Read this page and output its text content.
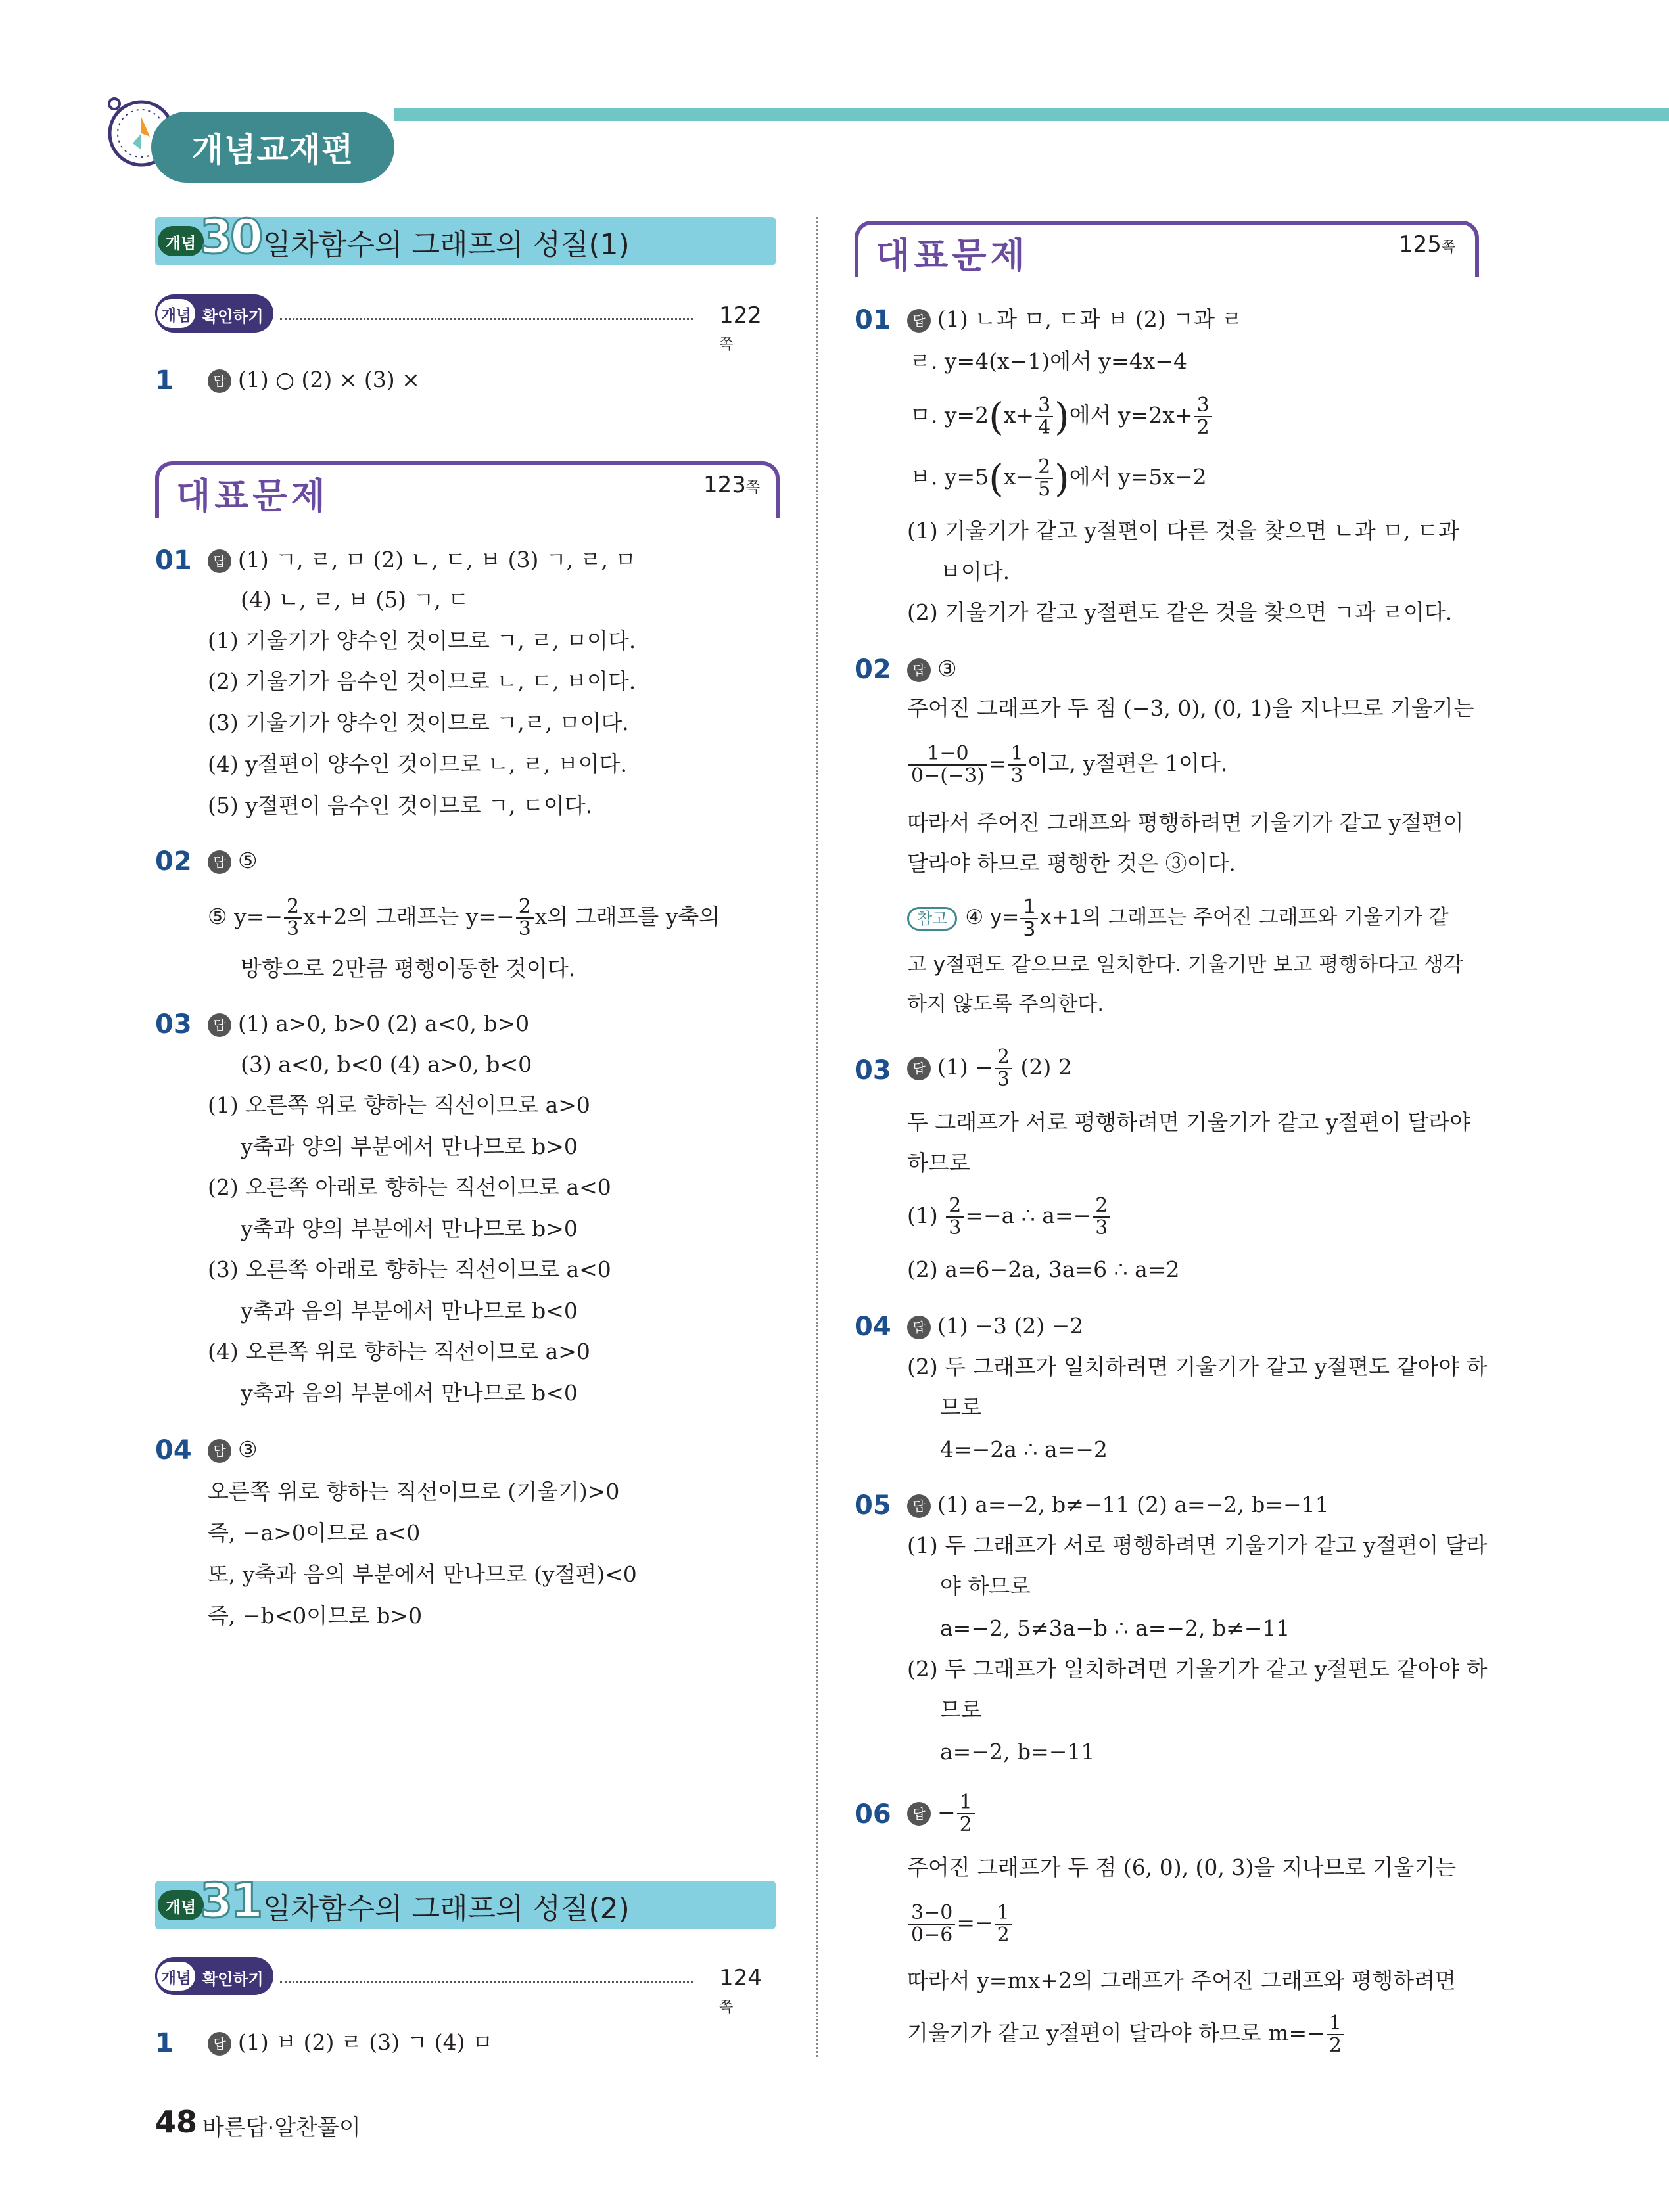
개념교재편
개념 30 일차함수의 그래프의 성질(1)
개념 확인하기	122쪽
1	답 (1) ○ (2) × (3) ×
대표문제	123쪽
01	답 (1) ㄱ, ㄹ, ㅁ (2) ㄴ, ㄷ, ㅂ (3) ㄱ, ㄹ, ㅁ
(4) ㄴ, ㄹ, ㅂ (5) ㄱ, ㄷ
(1) 기울기가 양수인 것이므로 ㄱ, ㄹ, ㅁ이다.
(2) 기울기가 음수인 것이므로 ㄴ, ㄷ, ㅂ이다.
(3) 기울기가 양수인 것이므로 ㄱ,ㄹ, ㅁ이다.
(4) y절편이 양수인 것이므로 ㄴ, ㄹ, ㅂ이다.
(5) y절편이 음수인 것이므로 ㄱ, ㄷ이다.
02	답 ⑤
⑤ $y=- \frac{2}{3} x+2$의 그래프는 $y=- \frac{2}{3}$ x의 그래프를 y축의
방향으로 2만큼 평행이동한 것이다.
03	답 (1) a>0, b>0 (2) a<0, b>0
(3) a<0, b<0 (4) a>0, b<0
(1) 오른쪽 위로 향하는 직선이므로 a>0
y축과 양의 부분에서 만나므로 b>0
(2) 오른쪽 아래로 향하는 직선이므로 a<0
y축과 양의 부분에서 만나므로 b>0
(3) 오른쪽 아래로 향하는 직선이므로 a<0
y축과 음의 부분에서 만나므로 b<0
(4) 오른쪽 위로 향하는 직선이므로 a>0
y축과 음의 부분에서 만나므로 b<0
04	답 ③
오른쪽 위로 향하는 직선이므로 (기울기)>0
즉, −a>0이므로 a<0
또, y축과 음의 부분에서 만나므로 (y절편)<0
즉, −b<0이므로 b>0
개념 31 일차함수의 그래프의 성질(2)
개념 확인하기	124쪽
1	답 (1) ㅂ (2) ㄹ (3) ㄱ (4) ㅁ
대표문제	125쪽
01	답 (1) ㄴ과 ㅁ, ㄷ과 ㅂ (2) ㄱ과 ㄹ
ㄹ. y=4(x−1)에서 y=4x−4
ㅁ. $y=2(x+ \frac{3}{4}$ )에서 $y=2x+ \frac{3}{2}$
ㅂ. $y=5(x- \frac{2}{5}$ )에서 y=5x−2
(1) 기울기가 같고 y절편이 다른 것을 찾으면 ㄴ과 ㅁ, ㄷ과
ㅂ이다.
(2) 기울기가 같고 y절편도 같은 것을 찾으면 ㄱ과 ㄹ이다.
02	답 ③
주어진 그래프가 두 점 (−3, 0), (0, 1)을 지나므로 기울기는
$\frac{1-0}{0-(-3)} = \frac{1}{3}$ 이고, y절편은 1이다.
따라서 주어진 그래프와 평행하려면 기울기가 같고 y절편이
달라야 하므로 평행한 것은 ③이다.
참고 ④ $y= \frac{1}{3} x+1$의 그래프는 주어진 그래프와 기울기가 같
고 y절편도 같으므로 일치한다. 기울기만 보고 평행하다고 생각
하지 않도록 주의한다.
03	답 $(1) - \frac{2}{3} (2)$ 2
두 그래프가 서로 평행하려면 기울기가 같고 y절편이 달라야
하므로
$(1) \frac{2}{3} =-a$ ∴ $a=- \frac{2}{3}$
(2) a=6−2a, 3a=6 ∴ a=2
04	답 (1) −3 (2) −2
(2) 두 그래프가 일치하려면 기울기가 같고 y절편도 같아야 하
므로
4=−2a ∴ a=−2
05	답 (1) a=−2, b≠−11 (2) a=−2, b=−11
(1) 두 그래프가 서로 평행하려면 기울기가 같고 y절편이 달라
야 하므로
a=−2, 5≠3a−b ∴ a=−2, b≠−11
(2) 두 그래프가 일치하려면 기울기가 같고 y절편도 같아야 하
므로
a=−2, b=−11
06	답 − $\frac{1}{2}$
주어진 그래프가 두 점 (6, 0), (0, 3)을 지나므로 기울기는
$\frac{3-0}{0-6} =- \frac{1}{2}$
따라서 y=mx+2의 그래프가 주어진 그래프와 평행하려면
기울기가 같고 y절편이 달라야 하므로 $m=- \frac{1}{2}$
48 바른답·알찬풀이
